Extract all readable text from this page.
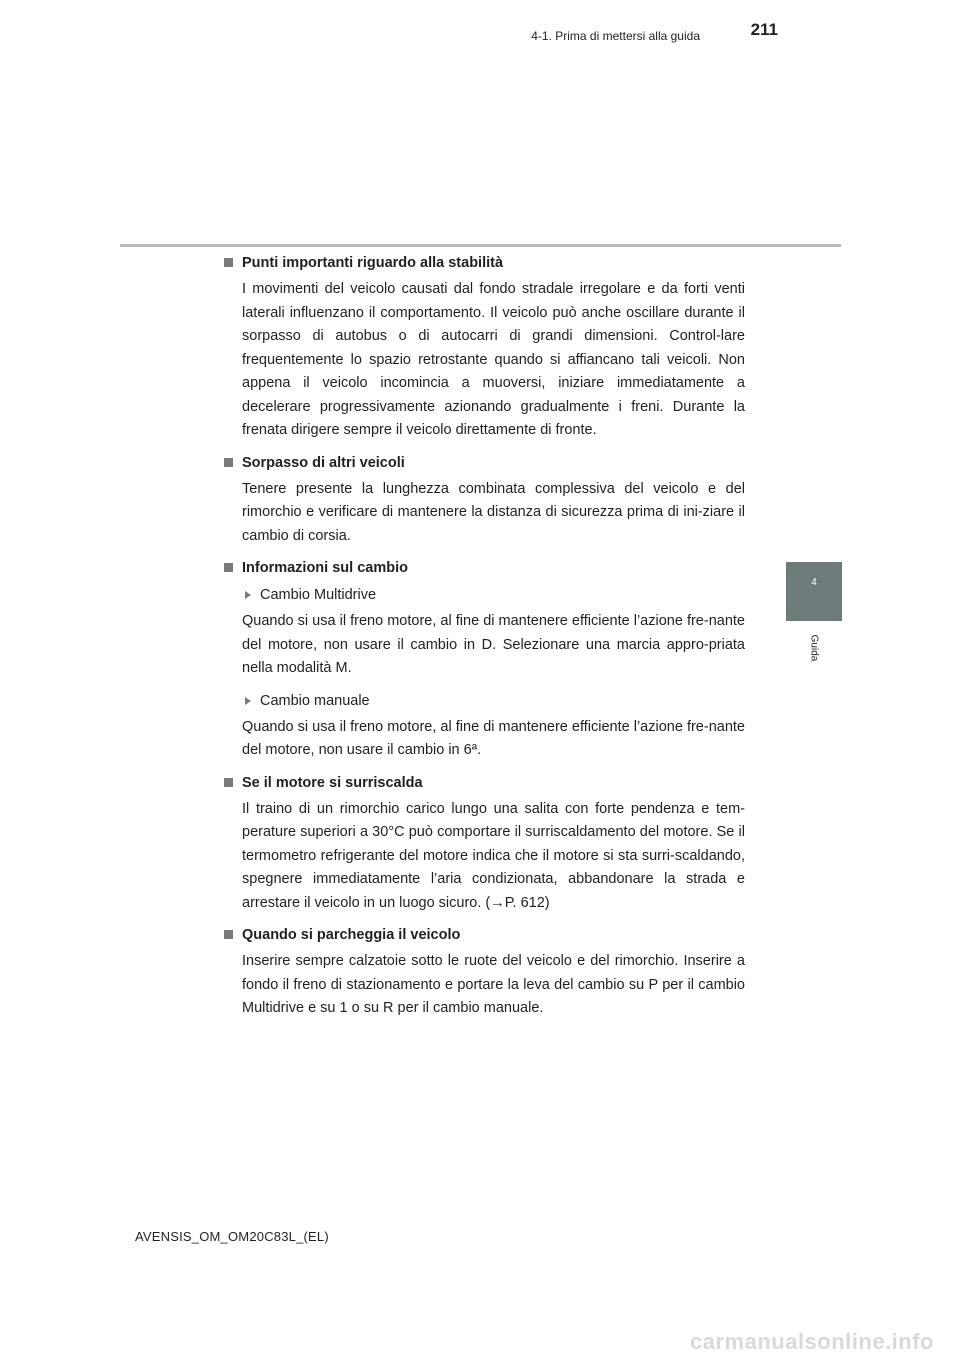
4-1. Prima di mettersi alla guida	211
4
Guida
Punti importanti riguardo alla stabilità

I movimenti del veicolo causati dal fondo stradale irregolare e da forti venti laterali influenzano il comportamento. Il veicolo può anche oscillare durante il sorpasso di autobus o di autocarri di grandi dimensioni. Control-lare frequentemente lo spazio retrostante quando si affiancano tali veicoli. Non appena il veicolo incomincia a muoversi, iniziare immediatamente a decelerare progressivamente azionando gradualmente i freni. Durante la frenata dirigere sempre il veicolo direttamente di fronte.

Sorpasso di altri veicoli

Tenere presente la lunghezza combinata complessiva del veicolo e del rimorchio e verificare di mantenere la distanza di sicurezza prima di ini-ziare il cambio di corsia.

Informazioni sul cambio
Cambio Multidrive

Quando si usa il freno motore, al fine di mantenere efficiente l’azione fre-nante del motore, non usare il cambio in D. Selezionare una marcia appro-priata nella modalità M.

Cambio manuale

Quando si usa il freno motore, al fine di mantenere efficiente l’azione fre-nante del motore, non usare il cambio in 6ª.

Se il motore si surriscalda

Il traino di un rimorchio carico lungo una salita con forte pendenza e tem-perature superiori a 30°C può comportare il surriscaldamento del motore. Se il termometro refrigerante del motore indica che il motore si sta surri-scaldando, spegnere immediatamente l’aria condizionata, abbandonare la strada e arrestare il veicolo in un luogo sicuro. (→P. 612)

Quando si parcheggia il veicolo

Inserire sempre calzatoie sotto le ruote del veicolo e del rimorchio. Inserire a fondo il freno di stazionamento e portare la leva del cambio su P per il cambio Multidrive e su 1 o su R per il cambio manuale.

AVENSIS_OM_OM20C83L_(EL)
carmanualsonline.info
